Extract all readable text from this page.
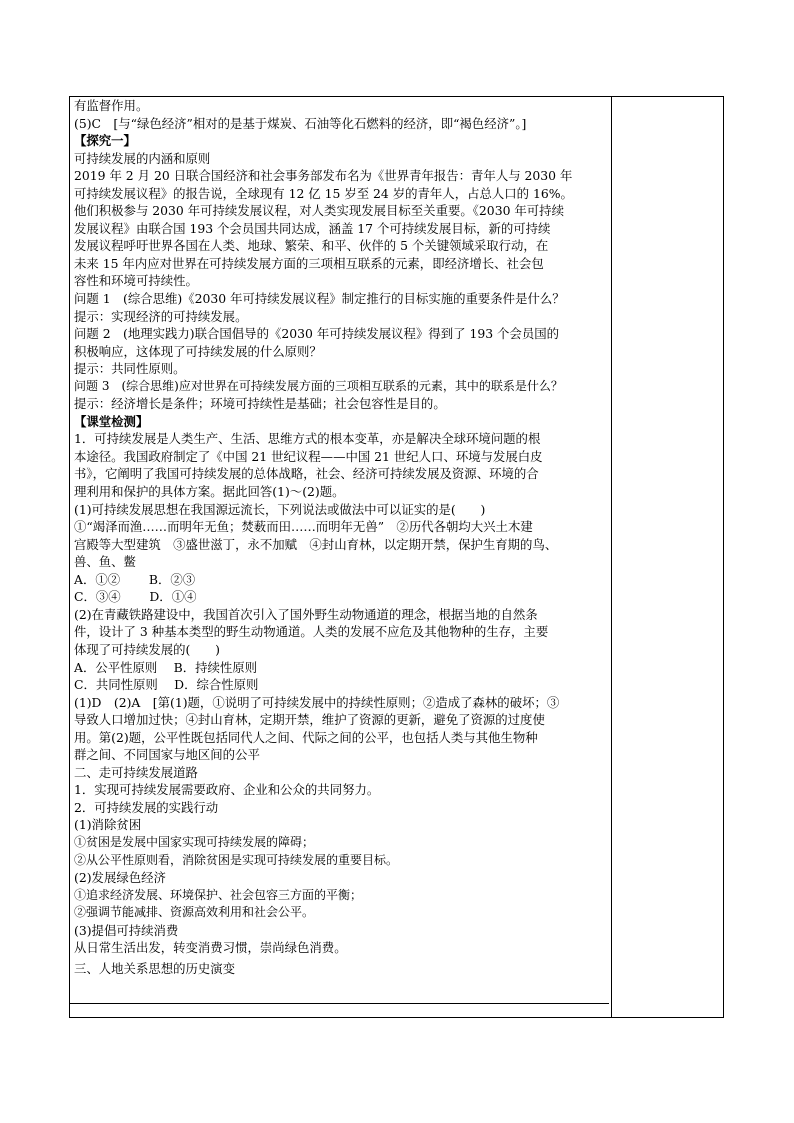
有监督作用。
(5)C　[与“绿色经济”相对的是基于煤炭、石油等化石燃料的经济，即“褐色经济”。]
【探究一】
可持续发展的内涵和原则
2019 年 2 月 20 日联合国经济和社会事务部发布名为《世界青年报告：青年人与 2030 年
可持续发展议程》的报告说，全球现有 12 亿 15 岁至 24 岁的青年人，占总人口的 16%。
他们积极参与 2030 年可持续发展议程，对人类实现发展目标至关重要。《2030 年可持续
发展议程》由联合国 193 个会员国共同达成，涵盖 17 个可持续发展目标，新的可持续
发展议程呼吁世界各国在人类、地球、繁荣、和平、伙伴的 5 个关键领域采取行动，在
未来 15 年内应对世界在可持续发展方面的三项相互联系的元素，即经济增长、社会包
容性和环境可持续性。
问题 1　(综合思维)《2030 年可持续发展议程》制定推行的目标实施的重要条件是什么？
提示：实现经济的可持续发展。
问题 2　(地理实践力)联合国倡导的《2030 年可持续发展议程》得到了 193 个会员国的
积极响应，这体现了可持续发展的什么原则？
提示：共同性原则。
问题 3　(综合思维)应对世界在可持续发展方面的三项相互联系的元素，其中的联系是什么？
提示：经济增长是条件；环境可持续性是基础；社会包容性是目的。
【课堂检测】
1．可持续发展是人类生产、生活、思维方式的根本变革，亦是解决全球环境问题的根
本途径。我国政府制定了《中国 21 世纪议程——中国 21 世纪人口、环境与发展白皮
书》，它阐明了我国可持续发展的总体战略，社会、经济可持续发展及资源、环境的合
理利用和保护的具体方案。据此回答(1)～(2)题。
(1)可持续发展思想在我国源远流长，下列说法或做法中可以证实的是(　　)
①“竭泽而渔……而明年无鱼；焚薮而田……而明年无兽”　②历代各朝均大兴土木建
宫殿等大型建筑　③盛世滋丁，永不加赋　④封山育林，以定期开禁，保护生育期的鸟、
兽、鱼、鳖
A．①②　　 B．②③
C．③④　　 D．①④
(2)在青藏铁路建设中，我国首次引入了国外野生动物通道的理念，根据当地的自然条
件，设计了 3 种基本类型的野生动物通道。人类的发展不应危及其他物种的生存，主要
体现了可持续发展的(　　)
A．公平性原则　 B．持续性原则
C．共同性原则　 D．综合性原则
(1)D　(2)A　[第(1)题，①说明了可持续发展中的持续性原则；②造成了森林的破坏；③
导致人口增加过快；④封山育林，定期开禁，维护了资源的更新，避免了资源的过度使
用。第(2)题，公平性既包括同代人之间、代际之间的公平，也包括人类与其他生物种
群之间、不同国家与地区间的公平
二、走可持续发展道路
1．实现可持续发展需要政府、企业和公众的共同努力。
2．可持续发展的实践行动
(1)消除贫困
①贫困是发展中国家实现可持续发展的障碍；
②从公平性原则看，消除贫困是实现可持续发展的重要目标。
(2)发展绿色经济
①追求经济发展、环境保护、社会包容三方面的平衡；
②强调节能减排、资源高效利用和社会公平。
(3)提倡可持续消费
从日常生活出发，转变消费习惯，崇尚绿色消费。
三、人地关系思想的历史演变
